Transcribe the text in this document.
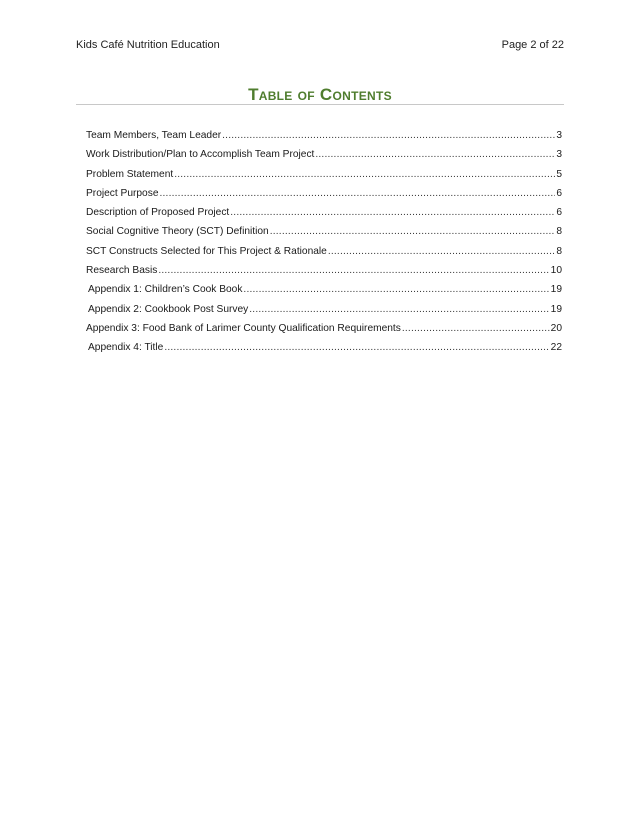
Kids Café Nutrition Education	Page 2 of 22
Table of Contents
Team Members, Team Leader .....	3
Work Distribution/Plan to Accomplish Team Project .....	3
Problem Statement .....	5
Project Purpose .....	6
Description of Proposed Project .....	6
Social Cognitive Theory (SCT) Definition .....	8
SCT Constructs Selected for This Project & Rationale .....	8
Research Basis .....	10
Appendix 1: Children’s Cook Book .....	19
Appendix 2: Cookbook Post Survey .....	19
Appendix 3: Food Bank of Larimer County Qualification Requirements .....	20
Appendix 4: Title .....	22
